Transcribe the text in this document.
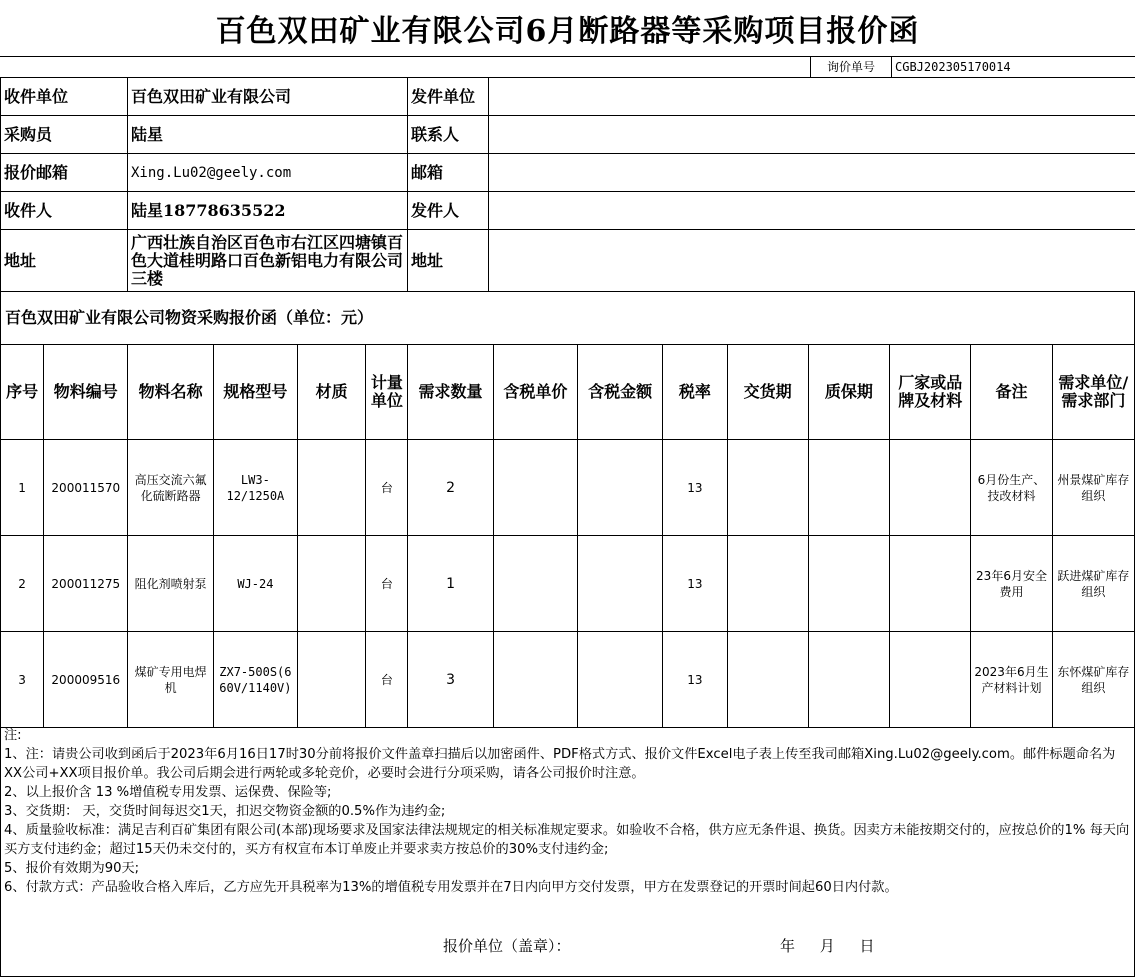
百色双田矿业有限公司6月断路器等采购项目报价函
询价单号	CGBJ202305170014
收件单位	百色双田矿业有限公司	发件单位	
采购员	陆星	联系人	
报价邮箱	Xing.Lu02@geely.com	邮箱	
收件人	陆星18778635522	发件人	
地址	广西壮族自治区百色市右江区四塘镇百色大道桂明路口百色新铝电力有限公司三楼	地址	
百色双田矿业有限公司物资采购报价函（单位：元）
序号	物料编号	物料名称	规格型号	材质	计量单位	需求数量	含税单价	含税金额	税率	交货期	质保期	厂家或品牌及材料	备注	需求单位/需求部门
1	200011570	高压交流六氟化硫断路器	LW3-12/1250A		台	2			13				6月份生产、技改材料	州景煤矿库存组织
2	200011275	阻化剂喷射泵	WJ-24		台	1			13				23年6月安全费用	跃进煤矿库存组织
3	200009516	煤矿专用电焊机	ZX7-500S(660V/1140V)		台	3			13				2023年6月生产材料计划	东怀煤矿库存组织
注:
1、注：请贵公司收到函后于2023年6月16日17时30分前将报价文件盖章扫描后以加密函件、PDF格式方式、报价文件Excel电子表上传至我司邮箱Xing.Lu02@geely.com。邮件标题命名为XX公司+XX项目报价单。我公司后期会进行两轮或多轮竞价，必要时会进行分项采购，请各公司报价时注意。
2、以上报价含 13 %增值税专用发票、运保费、保险等;
3、交货期： 天，交货时间每迟交1天，扣迟交物资金额的0.5%作为违约金;
4、质量验收标准：满足吉利百矿集团有限公司(本部)现场要求及国家法律法规规定的相关标准规定要求。如验收不合格，供方应无条件退、换货。因卖方未能按期交付的，应按总价的1% 每天向买方支付违约金；超过15天仍未交付的，买方有权宣布本订单废止并要求卖方按总价的30%支付违约金;
5、报价有效期为90天;
6、付款方式：产品验收合格入库后，乙方应先开具税率为13%的增值税专用发票并在7日内向甲方交付发票，甲方在发票登记的开票时间起60日内付款。
报价单位（盖章）：	年 月 日
